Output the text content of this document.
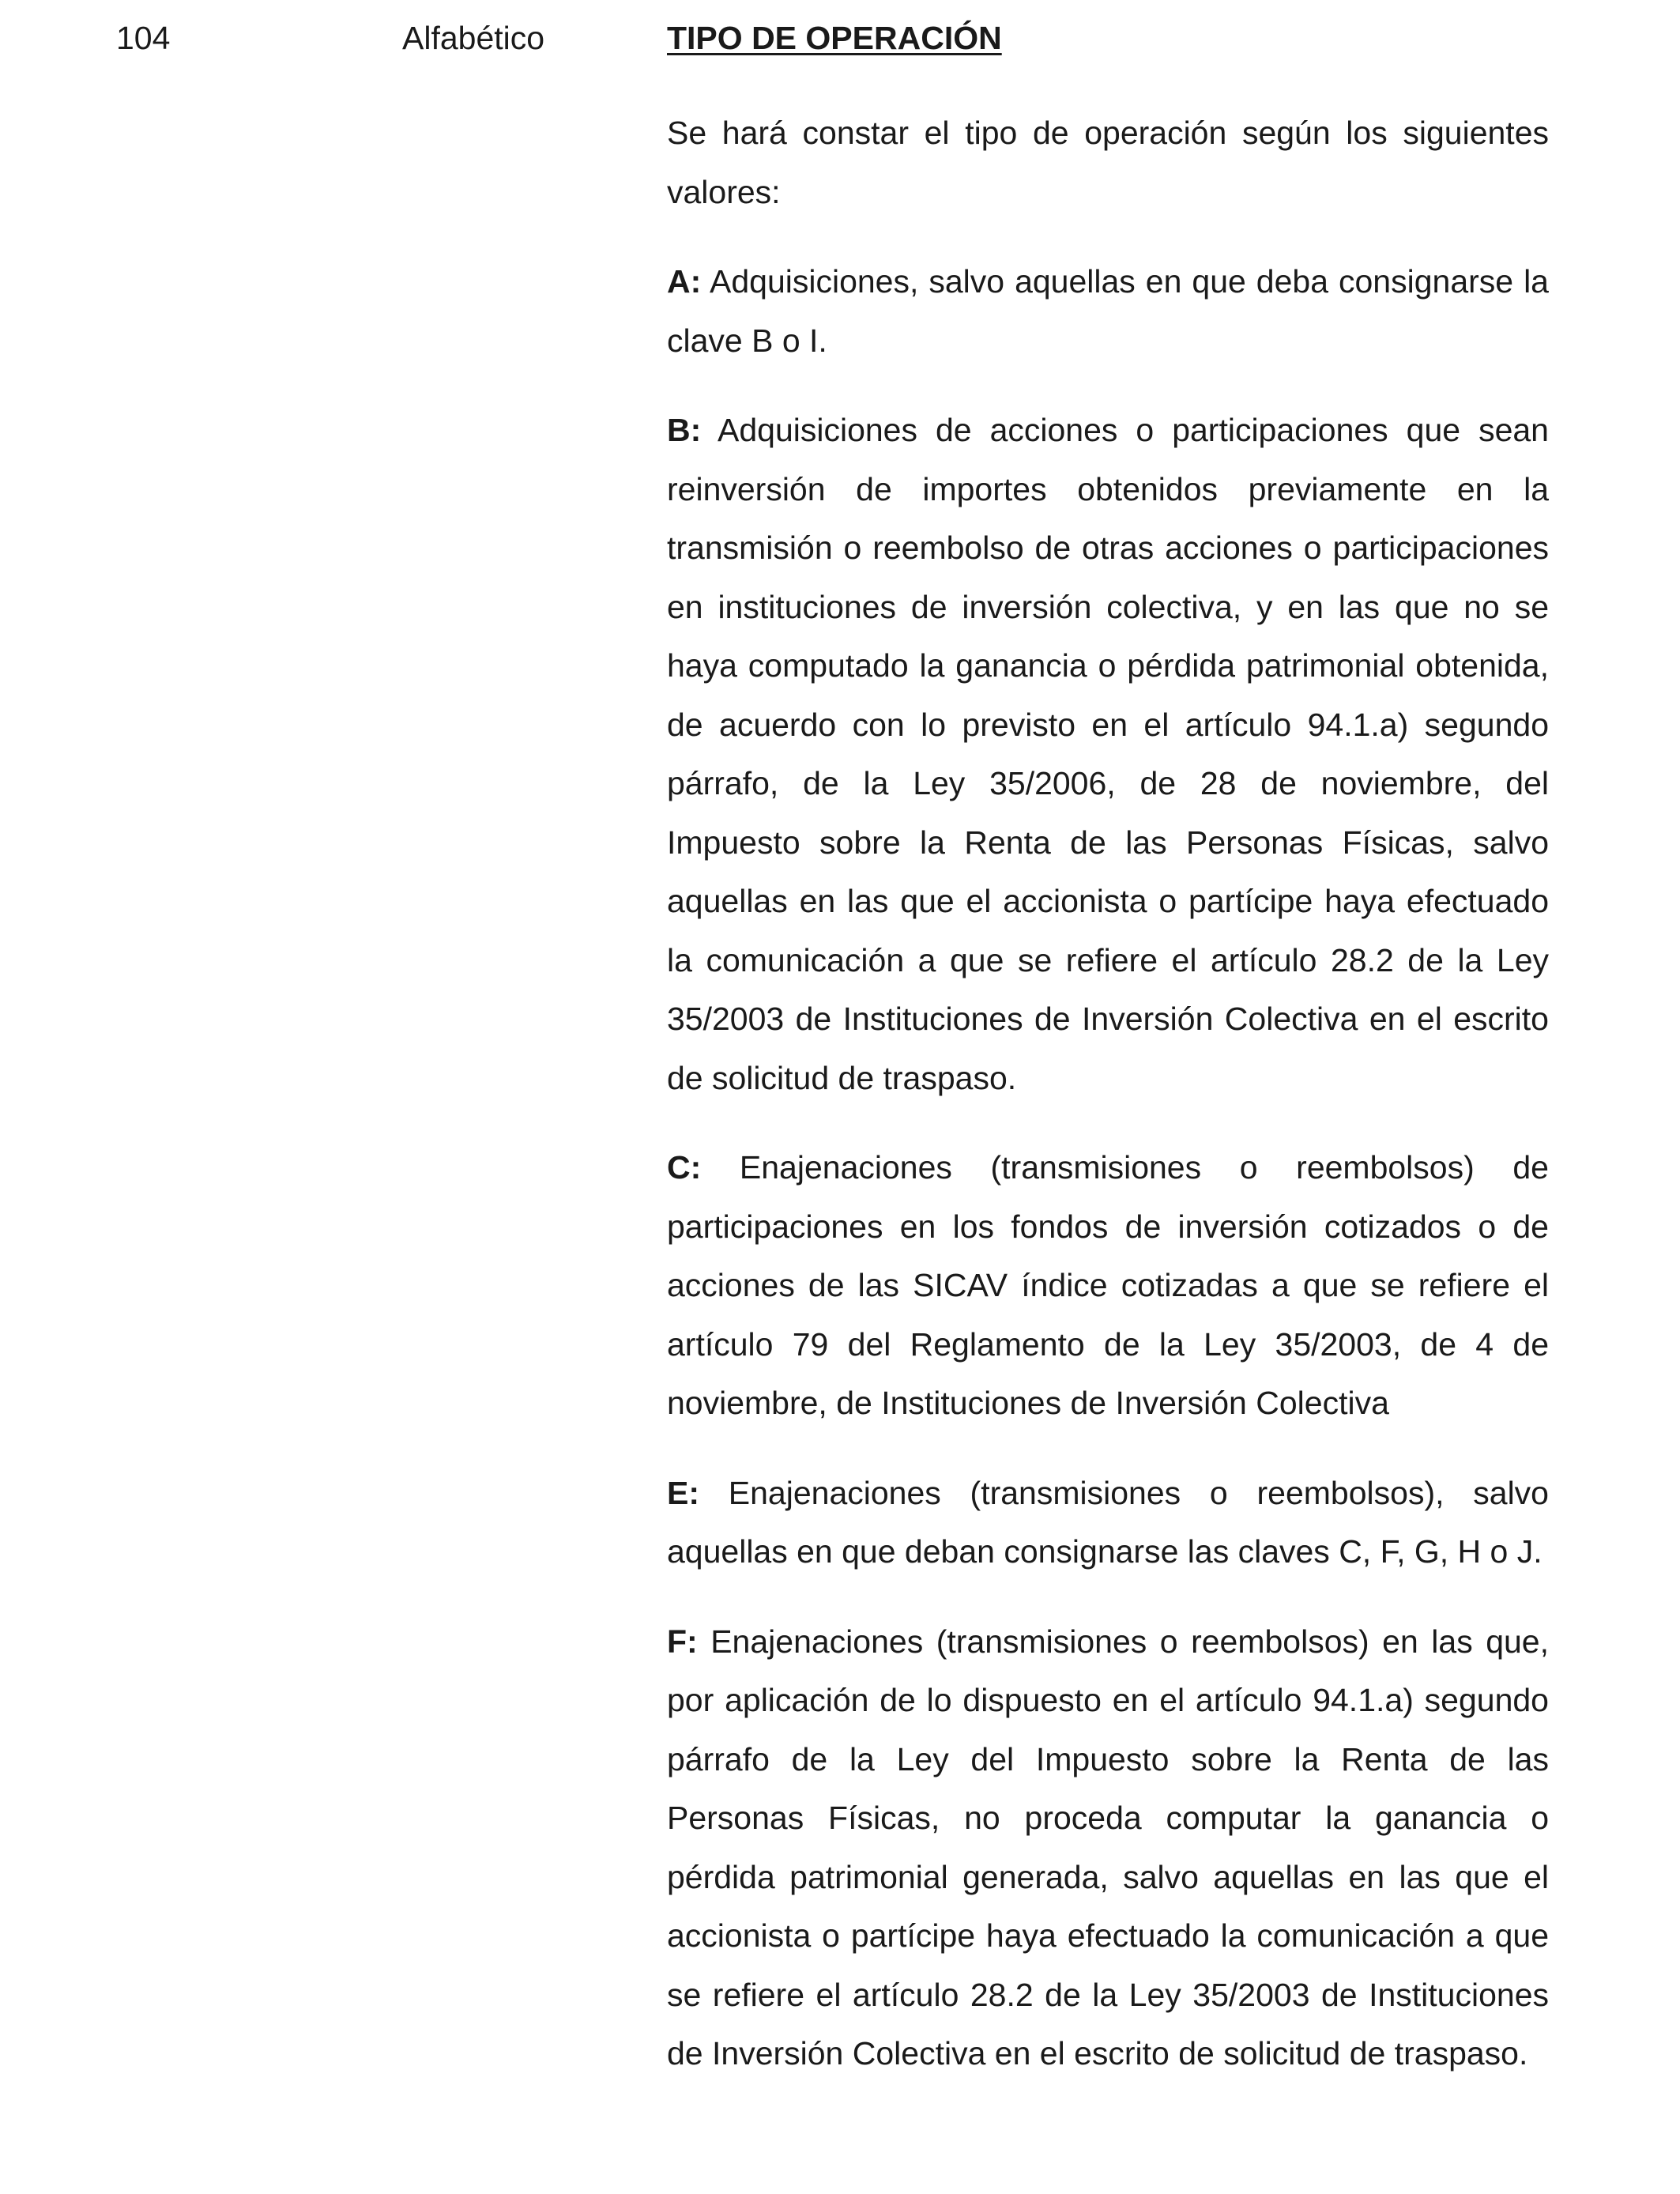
104	Alfabético	TIPO DE OPERACIÓN

Se hará constar el tipo de operación según los siguientes valores:

A: Adquisiciones, salvo aquellas en que deba consignarse la clave B o I.

B: Adquisiciones de acciones o participaciones que sean reinversión de importes obtenidos previamente en la transmisión o reembolso de otras acciones o participaciones en instituciones de inversión colectiva, y en las que no se haya computado la ganancia o pérdida patrimonial obtenida, de acuerdo con lo previsto en el artículo 94.1.a) segundo párrafo, de la Ley 35/2006, de 28 de noviembre, del Impuesto sobre la Renta de las Personas Físicas, salvo aquellas en las que el accionista o partícipe haya efectuado la comunicación a que se refiere el artículo 28.2 de la Ley 35/2003 de Instituciones de Inversión Colectiva en el escrito de solicitud de traspaso.

C: Enajenaciones (transmisiones o reembolsos) de participaciones en los fondos de inversión cotizados o de acciones de las SICAV índice cotizadas a que se refiere el artículo 79 del Reglamento de la Ley 35/2003, de 4 de noviembre, de Instituciones de Inversión Colectiva

E: Enajenaciones (transmisiones o reembolsos), salvo aquellas en que deban consignarse las claves C, F, G, H o J.

F: Enajenaciones (transmisiones o reembolsos) en las que, por aplicación de lo dispuesto en el artículo 94.1.a) segundo párrafo de la Ley del Impuesto sobre la Renta de las Personas Físicas, no proceda computar la ganancia o pérdida patrimonial generada, salvo aquellas en las que el accionista o partícipe haya efectuado la comunicación a que se refiere el artículo 28.2 de la Ley 35/2003 de Instituciones de Inversión Colectiva en el escrito de solicitud de traspaso.
